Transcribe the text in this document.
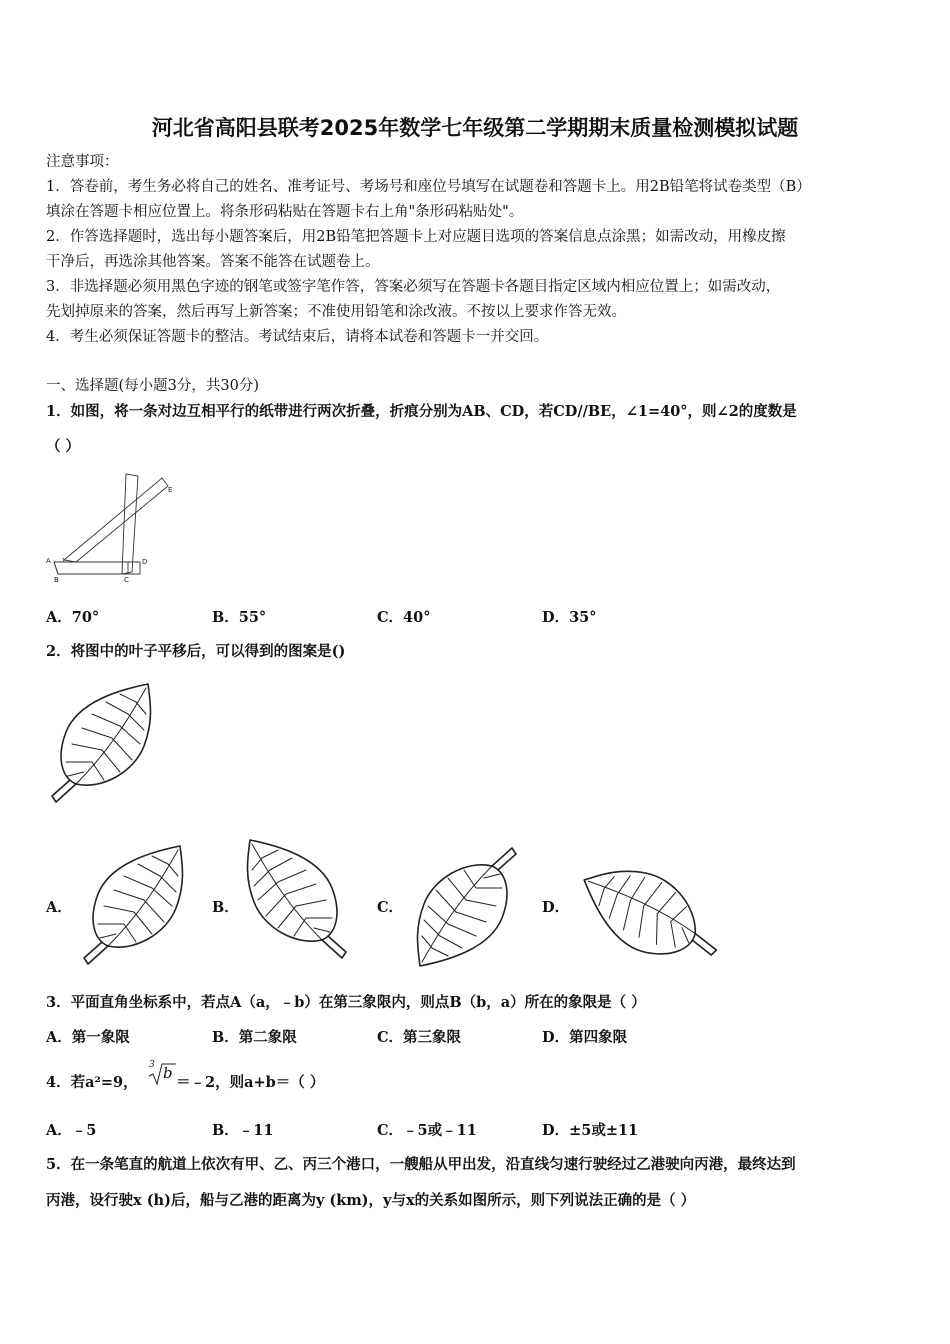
河北省高阳县联考2025年数学七年级第二学期期末质量检测模拟试题
注意事项：
1．答卷前，考生务必将自己的姓名、准考证号、考场号和座位号填写在试题卷和答题卡上。用2B铅笔将试卷类型（B）
填涂在答题卡相应位置上。将条形码粘贴在答题卡右上角"条形码粘贴处"。
2．作答选择题时，选出每小题答案后，用2B铅笔把答题卡上对应题目选项的答案信息点涂黑；如需改动，用橡皮擦
干净后，再选涂其他答案。答案不能答在试题卷上。
3．非选择题必须用黑色字迹的钢笔或签字笔作答，答案必须写在答题卡各题目指定区域内相应位置上；如需改动，
先划掉原来的答案，然后再写上新答案；不准使用铅笔和涂改液。不按以上要求作答无效。
4．考生必须保证答题卡的整洁。考试结束后，请将本试卷和答题卡一并交回。
一、选择题(每小题3分，共30分)
1．如图，将一条对边互相平行的纸带进行两次折叠，折痕分别为AB、CD，若CD//BE，∠1=40°，则∠2的度数是
（ ）
A
B	C
D
E
1
A．70°	B．55°	C．40°	D．35°
2．将图中的叶子平移后，可以得到的图案是()
A．	B．	C．	D．
3．平面直角坐标系中，若点A（a，﹣b）在第三象限内，则点B（b，a）所在的象限是（ ）
A．第一象限	B．第二象限	C．第三象限	D．第四象限
4．若a²=9，
3 b
＝﹣2，则a+b＝（ ）
A．﹣5	B．﹣11	C．﹣5或﹣11	D．±5或±11
5．在一条笔直的航道上依次有甲、乙、丙三个港口，一艘船从甲出发，沿直线匀速行驶经过乙港驶向丙港，最终达到
丙港，设行驶x (h)后，船与乙港的距离为y (km)，y与x的关系如图所示，则下列说法正确的是（ ）
